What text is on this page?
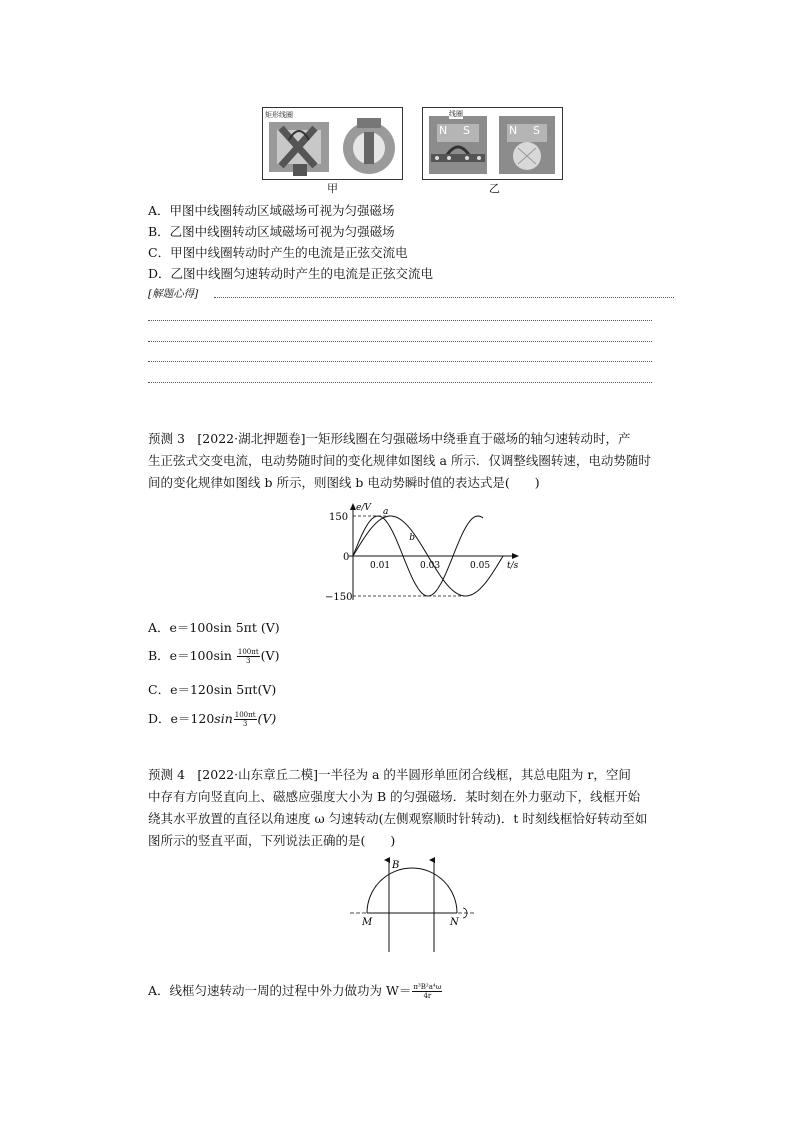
矩形线圈
甲
线圈
N S	N S
乙
A．甲图中线圈转动区域磁场可视为匀强磁场
B．乙图中线圈转动区域磁场可视为匀强磁场
C．甲图中线圈转动时产生的电流是正弦交流电
D．乙图中线圈匀速转动时产生的电流是正弦交流电
[解题心得]
预测 3　[2022·湖北押题卷]一矩形线圈在匀强磁场中绕垂直于磁场的轴匀速转动时，产
生正弦式交变电流，电动势随时间的变化规律如图线 a 所示．仅调整线圈转速，电动势随时
间的变化规律如图线 b 所示，则图线 b 电动势瞬时值的表达式是(　　)
e/V
t/s
0
150
−150
0.01	0.03	0.05
a
b
A．e＝100sin 5πt (V)
B．$e=100\sin \frac{100\pi t}{3} (V)$
C．e＝120sin 5πt(V)
D．$e=120\sin \frac{100\pi t}{3} (V)$
预测 4　[2022·山东章丘二模]一半径为 a 的半圆形单匝闭合线框，其总电阻为 r，空间
中存有方向竖直向上、磁感应强度大小为 B 的匀强磁场．某时刻在外力驱动下，线框开始
绕其水平放置的直径以角速度 ω 匀速转动(左侧观察顺时针转动)．t 时刻线框恰好转动至如
图所示的竖直平面，下列说法正确的是(　　)
B
M	N
A．线框匀速转动一周的过程中外力做功为 $W= \frac{\text{π³B²a⁴ω}}{4r}$
